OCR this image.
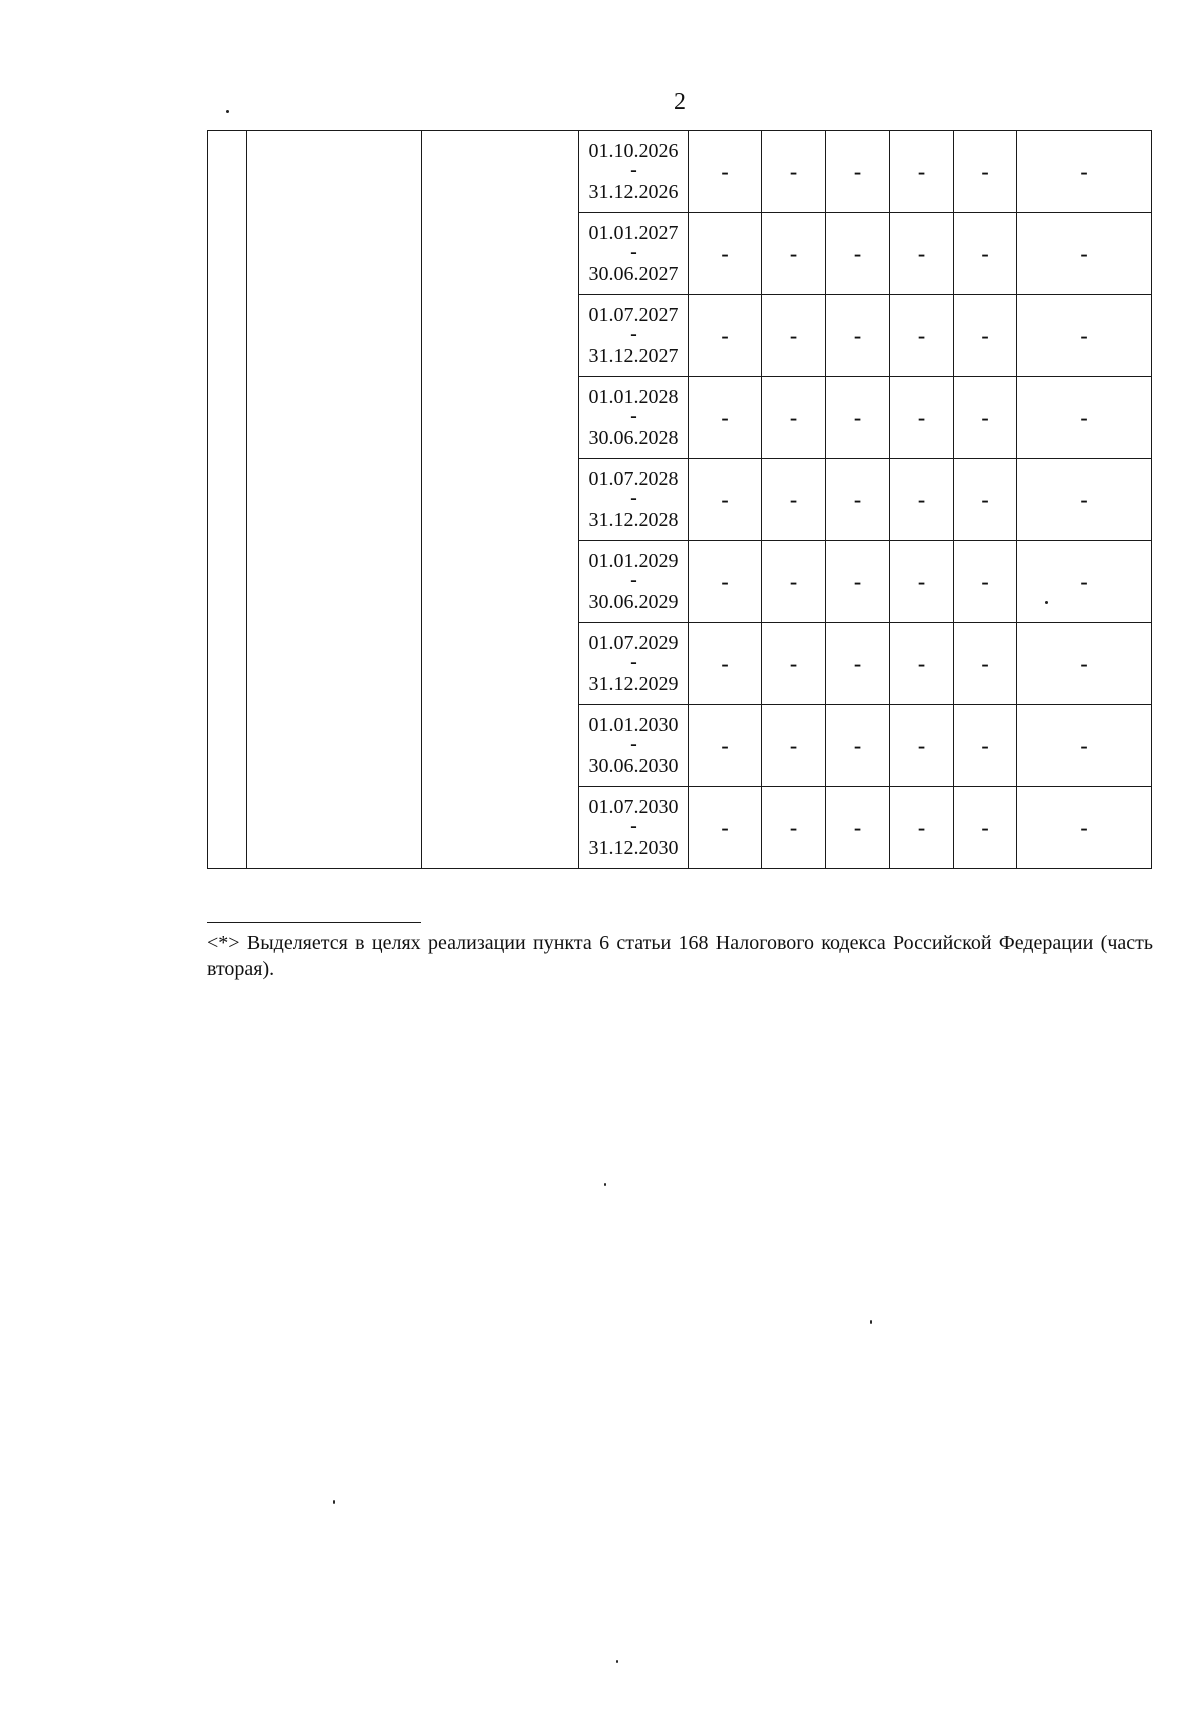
2

			01.10.2026
-
31.12.2026	-	-	-	-	-	-

			01.01.2027
-
30.06.2027	-	-	-	-	-	-

			01.07.2027
-
31.12.2027	-	-	-	-	-	-

			01.01.2028
-
30.06.2028	-	-	-	-	-	-

			01.07.2028
-
31.12.2028	-	-	-	-	-	-

			01.01.2029
-
30.06.2029	-	-	-	-	-	-

			01.07.2029
-
31.12.2029	-	-	-	-	-	-

			01.01.2030
-
30.06.2030	-	-	-	-	-	-

			01.07.2030
-
31.12.2030	-	-	-	-	-	-
<*> Выделяется в целях реализации пункта 6 статьи 168 Налогового кодекса Российской Федерации (часть вторая).
